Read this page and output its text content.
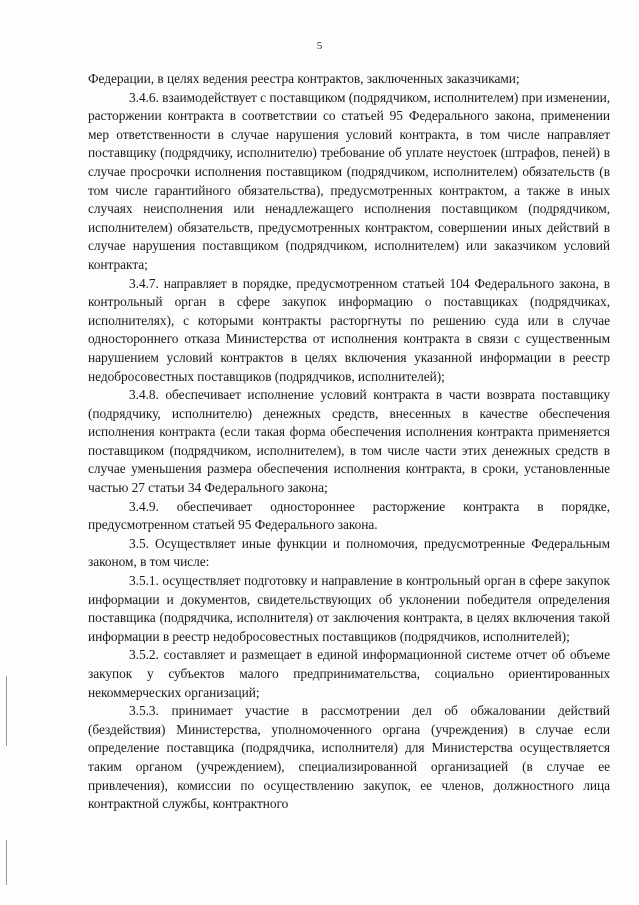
5

Федерации, в целях ведения реестра контрактов, заключенных заказчиками;

3.4.6. взаимодействует с поставщиком (подрядчиком, исполнителем) при изменении, расторжении контракта в соответствии со статьей 95 Федерального закона, применении мер ответственности в случае нарушения условий контракта, в том числе направляет поставщику (подрядчику, исполнителю) требование об уплате неустоек (штрафов, пеней) в случае просрочки исполнения поставщиком (подрядчиком, исполнителем) обязательств (в том числе гарантийного обязательства), предусмотренных контрактом, а также в иных случаях неисполнения или ненадлежащего исполнения поставщиком (подрядчиком, исполнителем) обязательств, предусмотренных контрактом, совершении иных действий в случае нарушения поставщиком (подрядчиком, исполнителем) или заказчиком условий контракта;

3.4.7. направляет в порядке, предусмотренном статьей 104 Федерального закона, в контрольный орган в сфере закупок информацию о поставщиках (подрядчиках, исполнителях), с которыми контракты расторгнуты по решению суда или в случае одностороннего отказа Министерства от исполнения контракта в связи с существенным нарушением условий контрактов в целях включения указанной информации в реестр недобросовестных поставщиков (подрядчиков, исполнителей);

3.4.8. обеспечивает исполнение условий контракта в части возврата поставщику (подрядчику, исполнителю) денежных средств, внесенных в качестве обеспечения исполнения контракта (если такая форма обеспечения исполнения контракта применяется поставщиком (подрядчиком, исполнителем), в том числе части этих денежных средств в случае уменьшения размера обеспечения исполнения контракта, в сроки, установленные частью 27 статьи 34 Федерального закона;

3.4.9. обеспечивает одностороннее расторжение контракта в порядке, предусмотренном статьей 95 Федерального закона.

3.5. Осуществляет иные функции и полномочия, предусмотренные Федеральным законом, в том числе:

3.5.1. осуществляет подготовку и направление в контрольный орган в сфере закупок информации и документов, свидетельствующих об уклонении победителя определения поставщика (подрядчика, исполнителя) от заключения контракта, в целях включения такой информации в реестр недобросовестных поставщиков (подрядчиков, исполнителей);

3.5.2. составляет и размещает в единой информационной системе отчет об объеме закупок у субъектов малого предпринимательства, социально ориентированных некоммерческих организаций;

3.5.3. принимает участие в рассмотрении дел об обжаловании действий (бездействия) Министерства, уполномоченного органа (учреждения) в случае если определение поставщика (подрядчика, исполнителя) для Министерства осуществляется таким органом (учреждением), специализированной организацией (в случае ее привлечения), комиссии по осуществлению закупок, ее членов, должностного лица контрактной службы, контрактного
